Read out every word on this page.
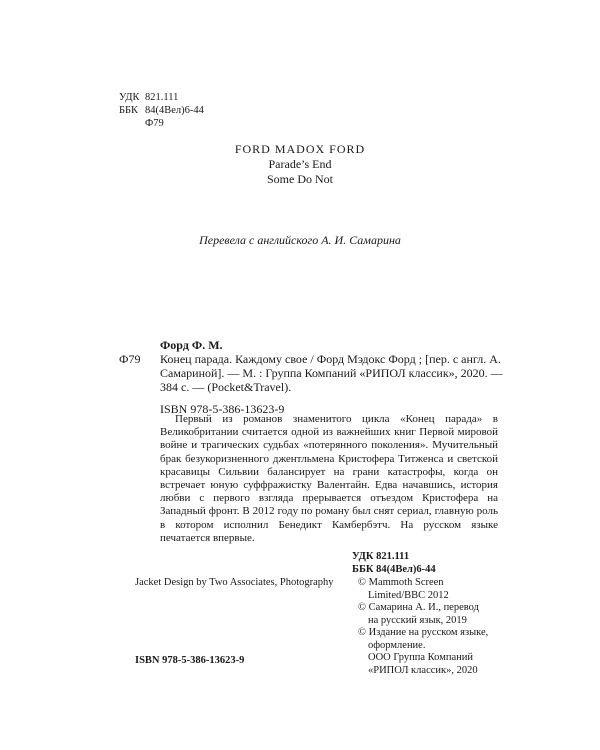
УДК 821.111
ББК 84(4Вел)6-44
Ф79
FORD MADOX FORD
Parade’s End
Some Do Not
Перевела с английского А. И. Самарина
Форд Ф. М.
Ф79 Конец парада. Каждому свое / Форд Мэдокс Форд ; [пер. с англ. А. Самариной]. — М. : Группа Компаний «РИПОЛ классик», 2020. — 384 с. — (Pocket&Travel).
ISBN 978-5-386-13623-9
Первый из романов знаменитого цикла «Конец парада» в Великобритании считается одной из важнейших книг Первой мировой войне и трагических судьбах «потерянного поколения». Мучительный брак безукоризненного джентльмена Кристофера Титженса и светской красавицы Сильвии балансирует на грани катастрофы, когда он встречает юную суффражистку Валентайн. Едва начавшись, история любви с первого взгляда прерывается отъездом Кристофера на Западный фронт. В 2012 году по роману был снят сериал, главную роль в котором исполнил Бенедикт Камбербэтч. На русском языке печатается впервые.
УДК 821.111
ББК 84(4Вел)6-44
Jacket Design by Two Associates, Photography	© Mammoth Screen
Limited/BBC 2012
© Самарина А. И., перевод
на русский язык, 2019
© Издание на русском языке,
оформление.
ООО Группа Компаний
«РИПОЛ классик», 2020
ISBN 978-5-386-13623-9
